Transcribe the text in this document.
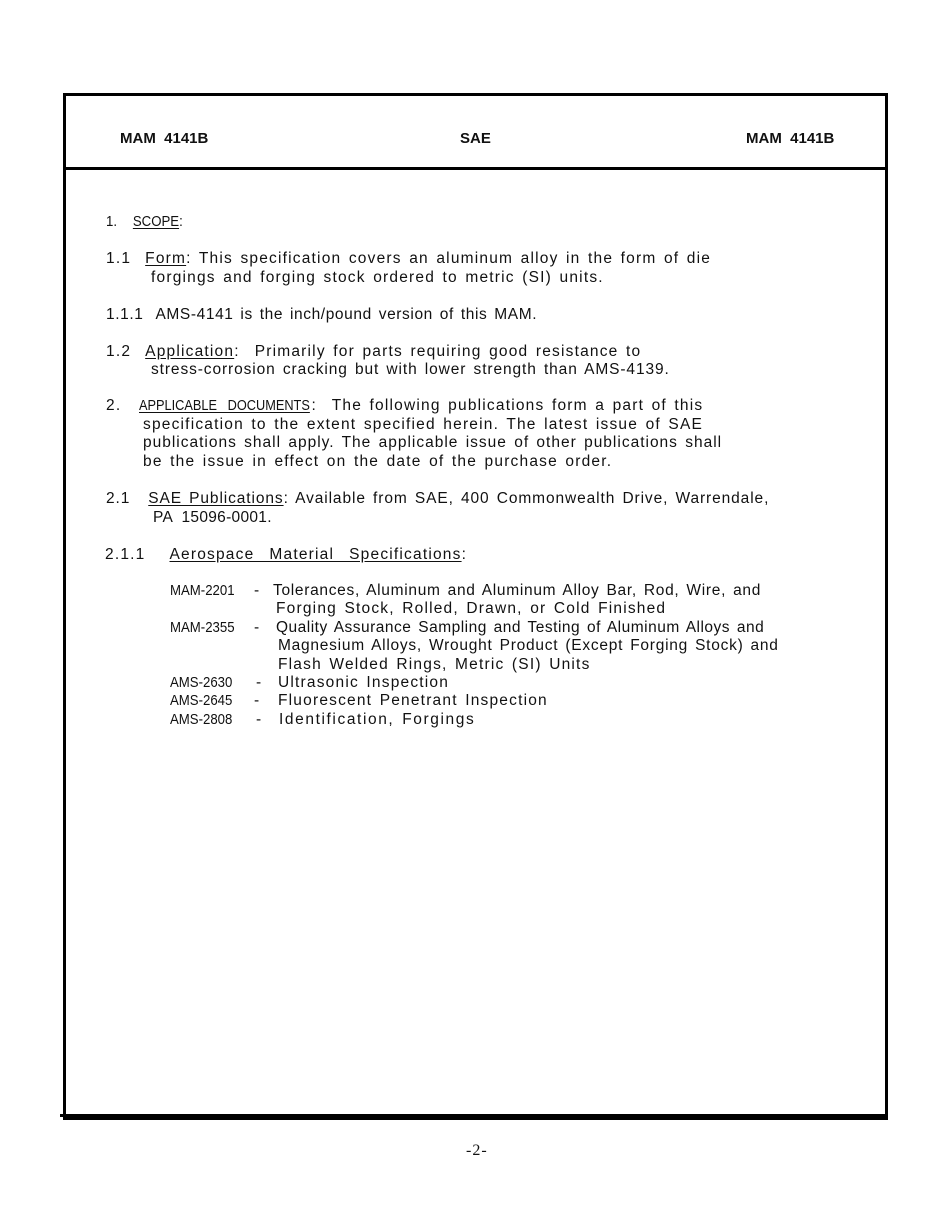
MAM  4141B	SAE	MAM  4141B
1. SCOPE:
1.1 Form: This specification covers an aluminum alloy in the form of die
forgings and forging stock ordered to metric (SI) units.
1.1.1 AMS-4141 is the inch/pound version of this MAM.
1.2 Application:  Primarily for parts requiring good resistance to
stress-corrosion cracking but with lower strength than AMS-4139.
2. APPLICABLE  DOCUMENTS:  The following publications form a part of this
specification to the extent specified herein. The latest issue of SAE
publications shall apply. The applicable issue of other publications shall
be the issue in effect on the date of the purchase order.
2.1 SAE Publications: Available from SAE, 400 Commonwealth Drive, Warrendale,
PA  15096-0001.
2.1.1 Aerospace  Material  Specifications:
MAM-2201	- Tolerances, Aluminum and Aluminum Alloy Bar, Rod, Wire, and
Forging Stock, Rolled, Drawn, or Cold Finished
MAM-2355	- Quality Assurance Sampling and Testing of Aluminum Alloys and
Magnesium Alloys, Wrought Product (Except Forging Stock) and
Flash Welded Rings, Metric (SI) Units
AMS-2630	- Ultrasonic Inspection
AMS-2645	- Fluorescent Penetrant Inspection
AMS-2808	- Identification, Forgings
-2-
